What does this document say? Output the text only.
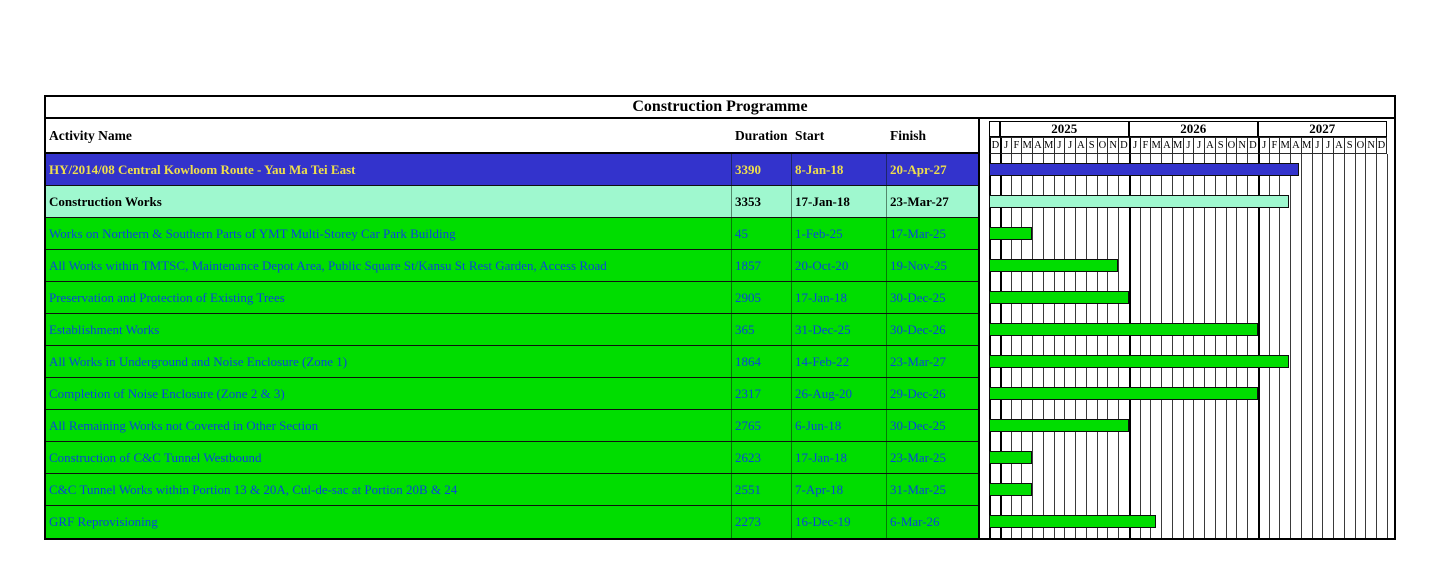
Construction Programme
Activity Name	Duration Start	Finish
HY/2014/08 Central Kowloom Route - Yau Ma Tei East	3390	8-Jan-18	20-Apr-27
Construction Works	3353	17-Jan-18	23-Mar-27
Works on Northern & Southern Parts of YMT Multi-Storey Car Park Building	45	1-Feb-25	17-Mar-25
All Works within TMTSC, Maintenance Depot Area, Public Square St/Kansu St Rest Garden, Access Road	1857	20-Oct-20	19-Nov-25
Preservation and Protection of Existing Trees	2905	17-Jan-18	30-Dec-25
Establishment Works	365	31-Dec-25	30-Dec-26
All Works in Underground and Noise Enclosure (Zone 1)	1864	14-Feb-22	23-Mar-27
Completion of Noise Enclosure (Zone 2 & 3)	2317	26-Aug-20	29-Dec-26
All Remaining Works not Covered in Other Section	2765	6-Jun-18	30-Dec-25
Construction of C&C Tunnel Westbound	2623	17-Jan-18	23-Mar-25
C&C Tunnel Works within Portion 13 & 20A, Cul-de-sac at Portion 20B & 24	2551	7-Apr-18	31-Mar-25
GRF Reprovisioning	2273	16-Dec-19	6-Mar-26
2025	2026	2027
D J F M A M J J A S O N D J F M A M J J A S O N D J F M A M J J A S O N D
